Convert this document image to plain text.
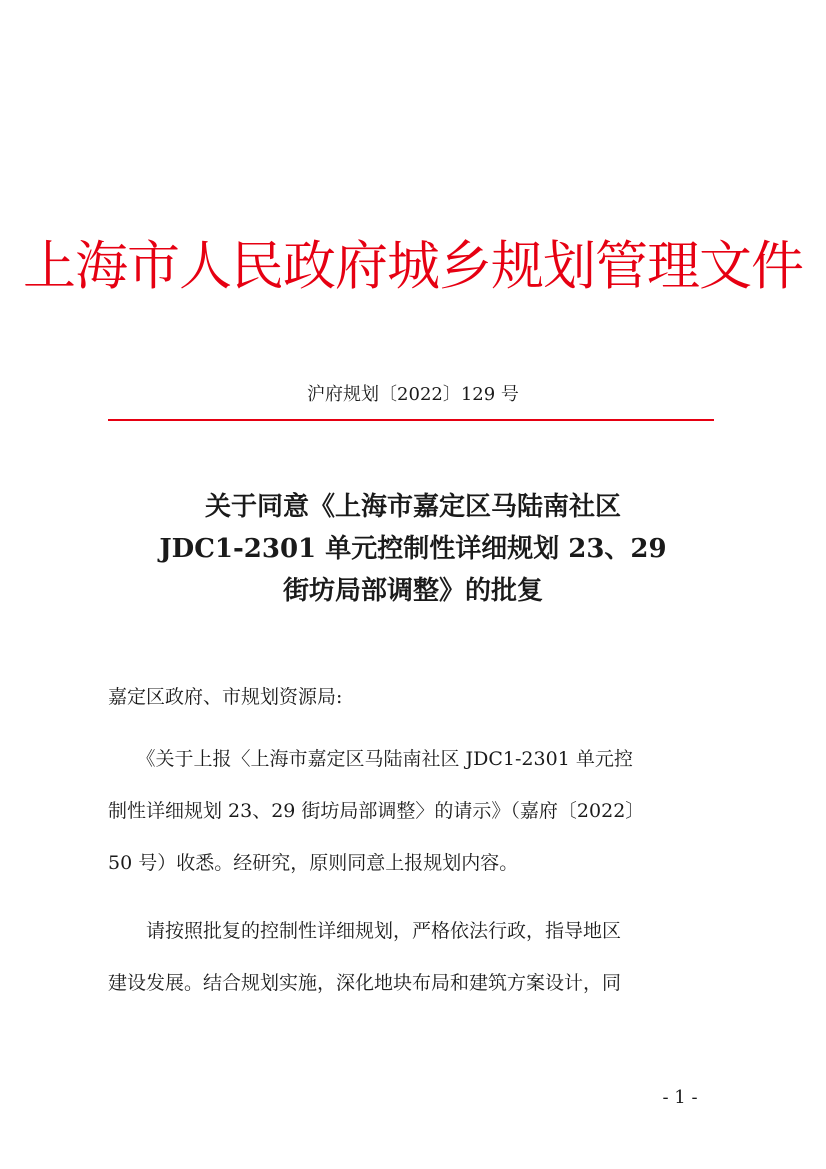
上海市人民政府城乡规划管理文件
沪府规划〔2022〕129 号
关于同意《上海市嘉定区马陆南社区
JDC1-2301 单元控制性详细规划 23、29
街坊局部调整》的批复
嘉定区政府、市规划资源局:
　　《关于上报〈上海市嘉定区马陆南社区 JDC1-2301 单元控
制性详细规划 23、29 街坊局部调整〉的请示》（嘉府〔2022〕
50 号）收悉。经研究，原则同意上报规划内容。
　　请按照批复的控制性详细规划，严格依法行政，指导地区
建设发展。结合规划实施，深化地块布局和建筑方案设计，同
- 1 -
